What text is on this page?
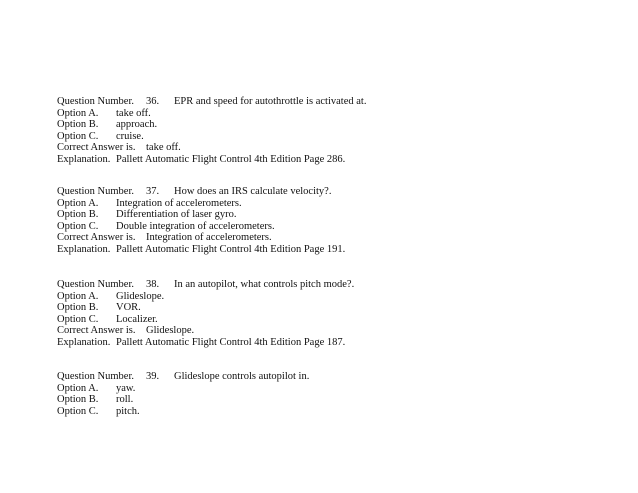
Question Number. 36. EPR and speed for autothrottle is activated at.
Option A. take off.
Option B. approach.
Option C. cruise.
Correct Answer is. take off.
Explanation. Pallett Automatic Flight Control 4th Edition Page 286.
Question Number. 37. How does an IRS calculate velocity?.
Option A. Integration of accelerometers.
Option B. Differentiation of laser gyro.
Option C. Double integration of accelerometers.
Correct Answer is. Integration of accelerometers.
Explanation. Pallett Automatic Flight Control 4th Edition Page 191.
Question Number. 38. In an autopilot, what controls pitch mode?.
Option A. Glideslope.
Option B. VOR.
Option C. Localizer.
Correct Answer is. Glideslope.
Explanation. Pallett Automatic Flight Control 4th Edition Page 187.
Question Number. 39. Glideslope controls autopilot in.
Option A. yaw.
Option B. roll.
Option C. pitch.
